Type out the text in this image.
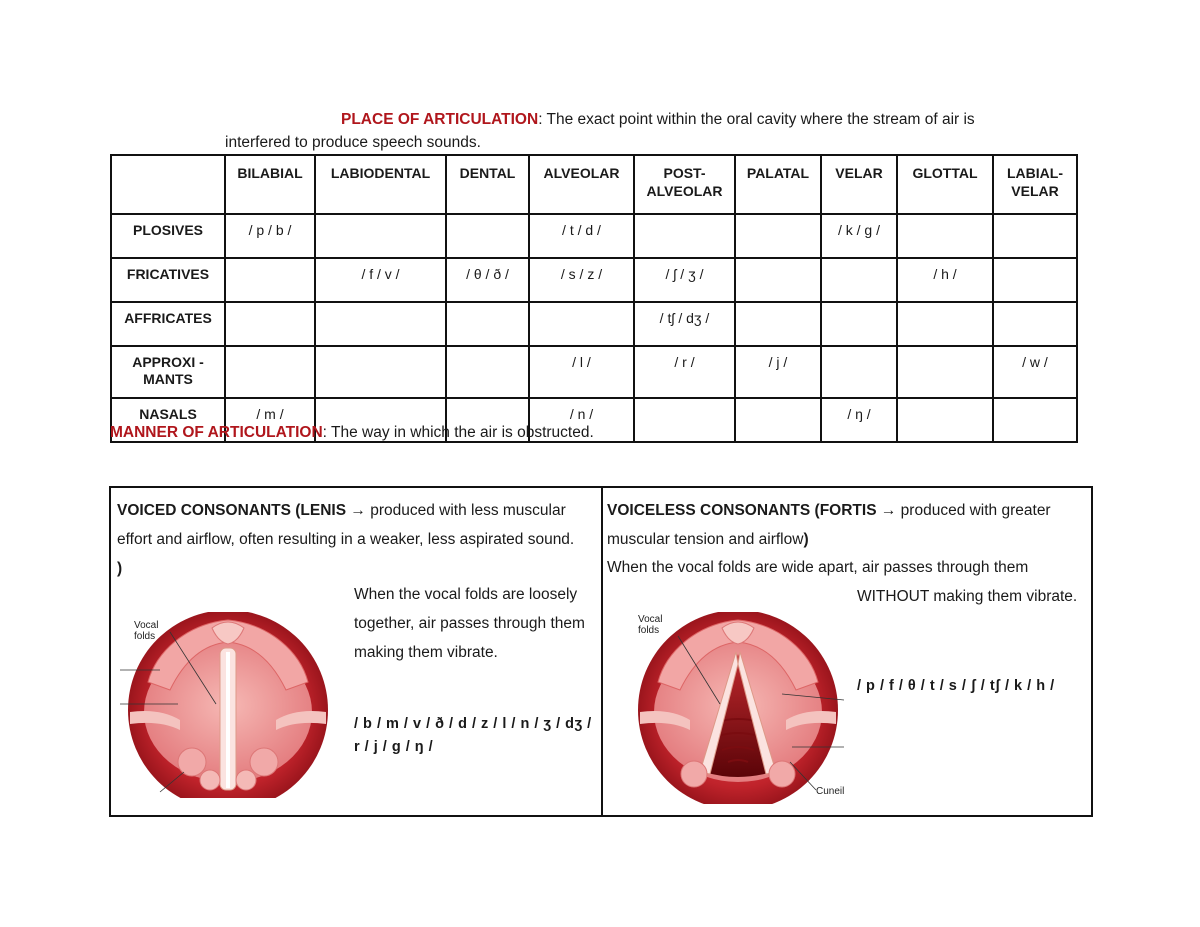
PLACE OF ARTICULATION: The exact point within the oral cavity where the stream of air is
interfered to produce speech sounds.
	BILABIAL	LABIODENTAL	DENTAL	ALVEOLAR	POST-ALVEOLAR	PALATAL	VELAR	GLOTTAL	LABIAL-VELAR
PLOSIVES	/ p / b /			/ t / d /			/ k / g /		
FRICATIVES		/ f / v /	/ θ / ð /	/ s / z /	/ ʃ / ʒ /			/ h /	
AFFRICATES					/ tʃ / dʒ /				
APPROXI - MANTS				/ l /	/ r /	/ j /			/ w /
NASALS	/ m /			/ n /			/ ŋ /		
MANNER OF ARTICULATION: The way in which the air is obstructed.
VOICED CONSONANTS (LENIS → produced with less muscular effort and airflow, often resulting in a weaker, less aspirated sound. )
When the vocal folds are loosely together, air passes through them making them vibrate.
/ b / m / v / ð / d / z / l / n / ʒ / dʒ / r / j / g / ŋ /
VOICELESS CONSONANTS (FORTIS → produced with greater muscular tension and airflow)
When the vocal folds are wide apart, air passes through them
WITHOUT making them vibrate.
/ p / f / θ / t / s / ʃ / tʃ / k / h /
Vocal folds
Vocal folds
Cuneil
